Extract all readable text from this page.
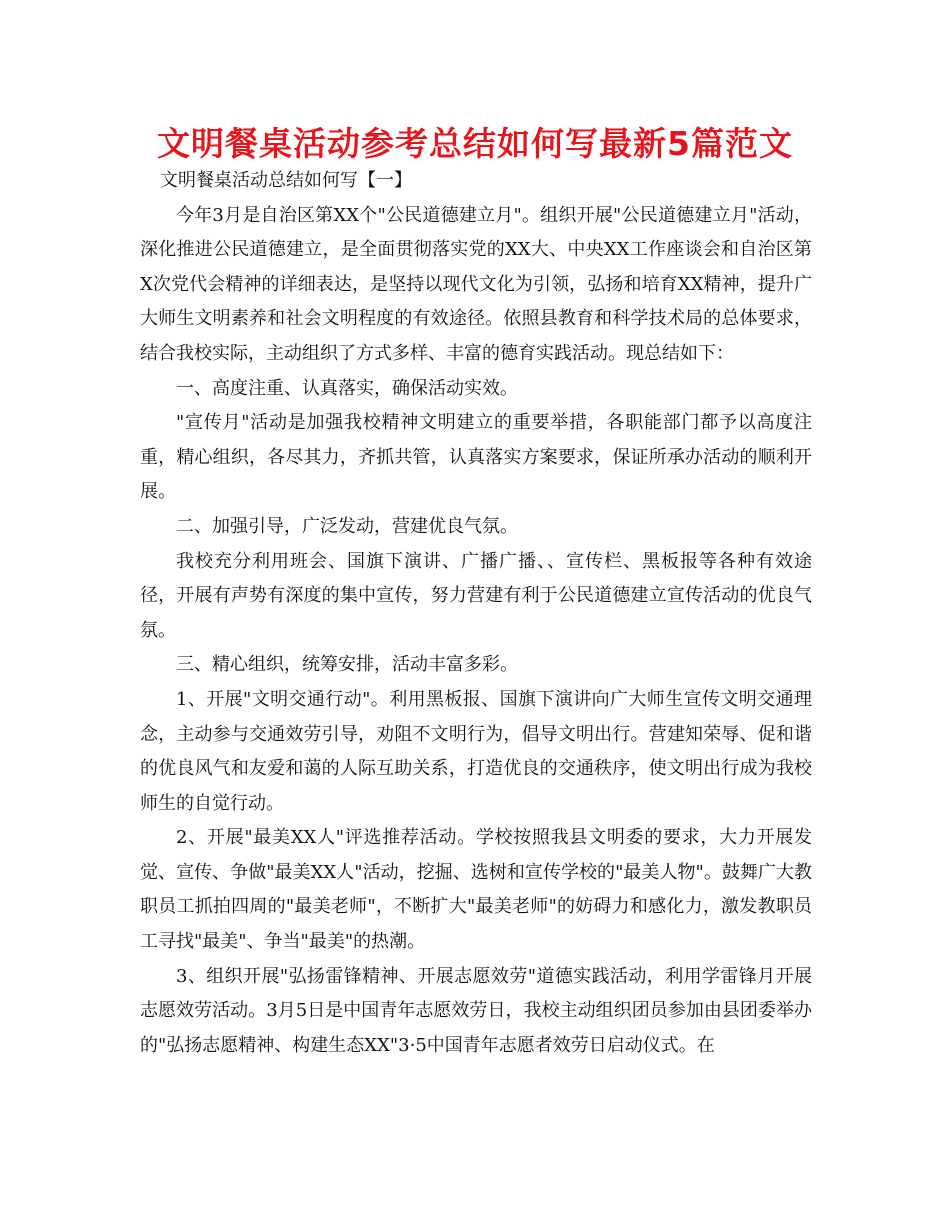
文明餐桌活动参考总结如何写最新5篇范文

文明餐桌活动总结如何写【一】

今年3月是自治区第XX个"公民道德建立月"。组织开展"公民道德建立月"活动，深化推进公民道德建立，是全面贯彻落实党的XX大、中央XX工作座谈会和自治区第X次党代会精神的详细表达，是坚持以现代文化为引领，弘扬和培育XX精神，提升广大师生文明素养和社会文明程度的有效途径。依照县教育和科学技术局的总体要求，结合我校实际，主动组织了方式多样、丰富的德育实践活动。现总结如下：

一、高度注重、认真落实，确保活动实效。

"宣传月"活动是加强我校精神文明建立的重要举措，各职能部门都予以高度注重，精心组织，各尽其力，齐抓共管，认真落实方案要求，保证所承办活动的顺利开展。

二、加强引导，广泛发动，营建优良气氛。

我校充分利用班会、国旗下演讲、广播广播、、宣传栏、黑板报等各种有效途径，开展有声势有深度的集中宣传，努力营建有利于公民道德建立宣传活动的优良气氛。

三、精心组织，统筹安排，活动丰富多彩。

1、开展"文明交通行动"。利用黑板报、国旗下演讲向广大师生宣传文明交通理念，主动参与交通效劳引导，劝阻不文明行为，倡导文明出行。营建知荣辱、促和谐的优良风气和友爱和蔼的人际互助关系，打造优良的交通秩序，使文明出行成为我校师生的自觉行动。

2、开展"最美XX人"评选推荐活动。学校按照我县文明委的要求，大力开展发觉、宣传、争做"最美XX人"活动，挖掘、选树和宣传学校的"最美人物"。鼓舞广大教职员工抓拍四周的"最美老师"，不断扩大"最美老师"的妨碍力和感化力，激发教职员工寻找"最美"、争当"最美"的热潮。

3、组织开展"弘扬雷锋精神、开展志愿效劳"道德实践活动，利用学雷锋月开展志愿效劳活动。3月5日是中国青年志愿效劳日，我校主动组织团员参加由县团委举办的"弘扬志愿精神、构建生态XX"3·5中国青年志愿者效劳日启动仪式。在
